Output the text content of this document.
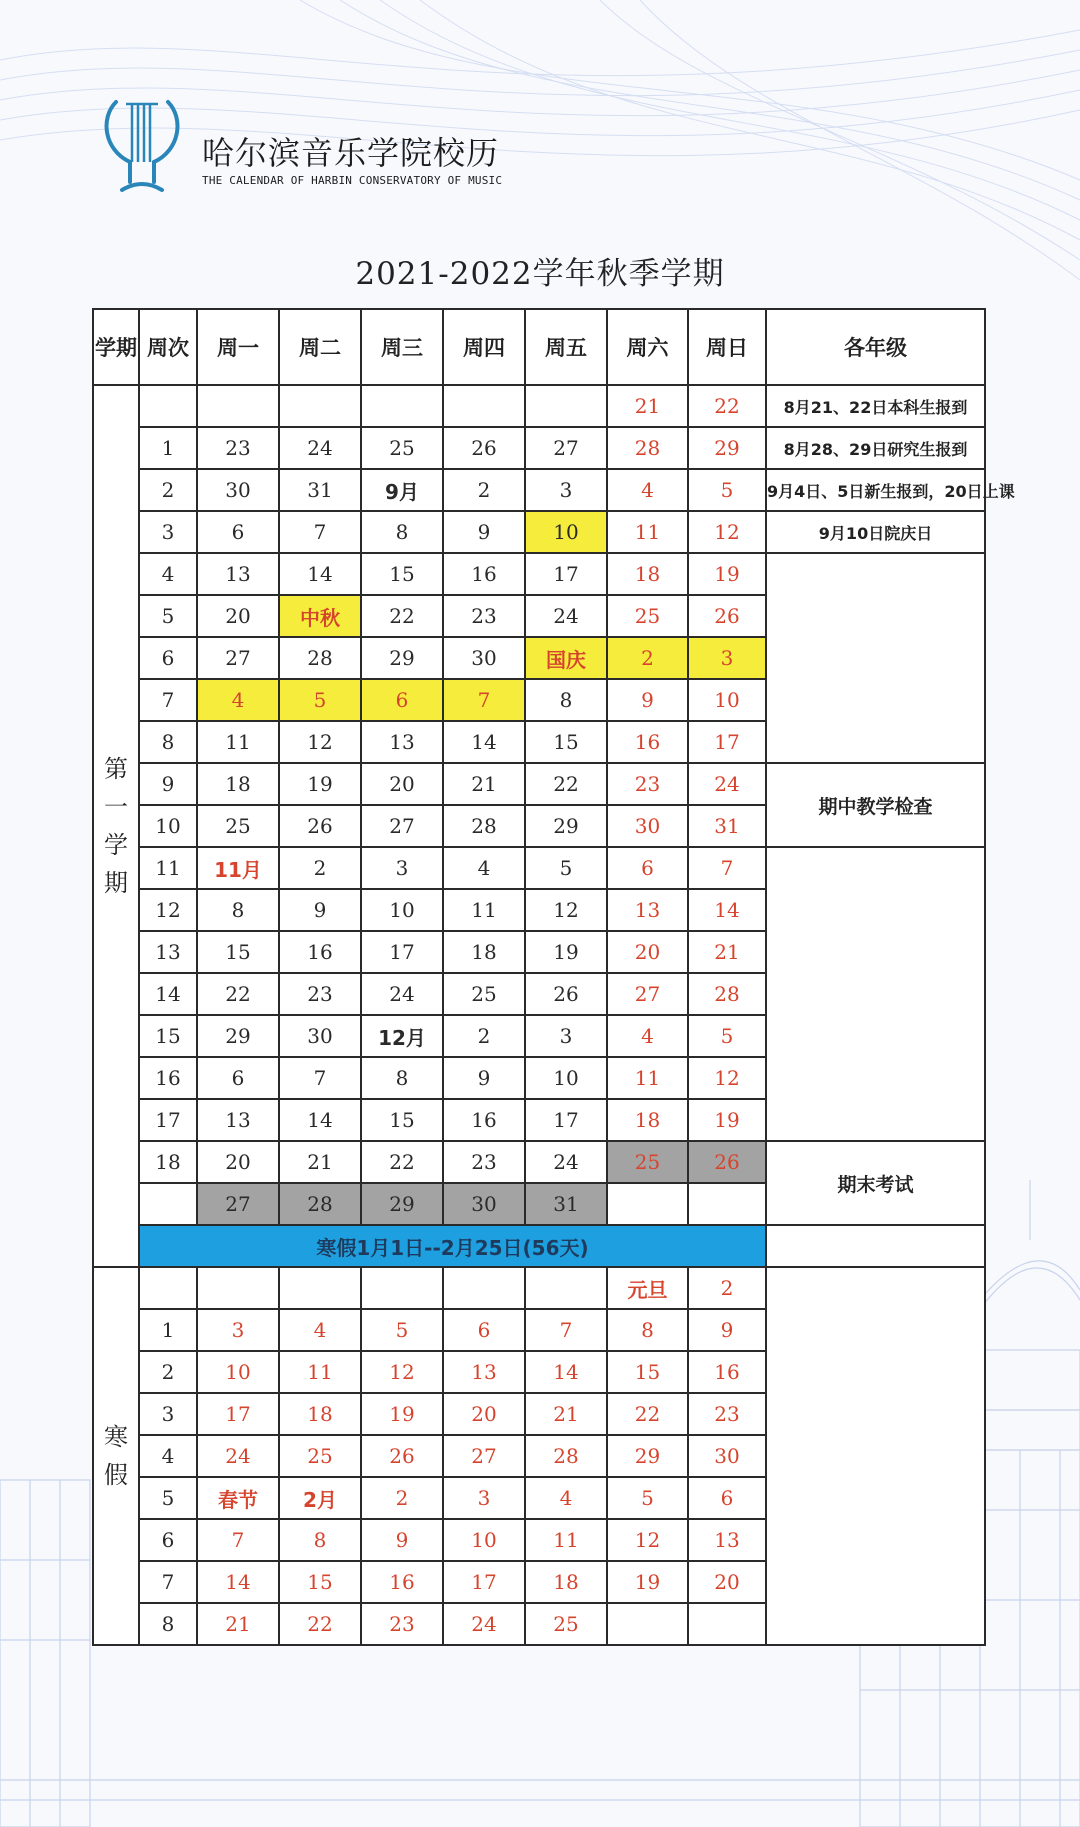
哈尔滨音乐学院校历
THE CALENDAR OF HARBIN CONSERVATORY OF MUSIC
2021-2022学年秋季学期
学期	周次	周一	周二	周三	周四	周五	周六	周日	各年级
第
一
学
期							21	22	8月21、22日本科生报到
	1	23	24	25	26	27	28	29	8月28、29日研究生报到
	2	30	31	9月	2	3	4	5	9月4日、5日新生报到，20日上课
	3	6	7	8	9	10	11	12	9月10日院庆日
	4	13	14	15	16	17	18	19	
	5	20	中秋	22	23	24	25	26	
	6	27	28	29	30	国庆	2	3	
	7	4	5	6	7	8	9	10	
	8	11	12	13	14	15	16	17	
	9	18	19	20	21	22	23	24	期中教学检查
	10	25	26	27	28	29	30	31	
	11	11月	2	3	4	5	6	7	
	12	8	9	10	11	12	13	14	
	13	15	16	17	18	19	20	21	
	14	22	23	24	25	26	27	28	
	15	29	30	12月	2	3	4	5	
	16	6	7	8	9	10	11	12	
	17	13	14	15	16	17	18	19	
	18	20	21	22	23	24	25	26	期末考试
		27	28	29	30	31			
	寒假1月1日--2月25日(56天)								
寒
假							元旦	2	
	1	3	4	5	6	7	8	9	
	2	10	11	12	13	14	15	16	
	3	17	18	19	20	21	22	23	
	4	24	25	26	27	28	29	30	
	5	春节	2月	2	3	4	5	6	
	6	7	8	9	10	11	12	13	
	7	14	15	16	17	18	19	20	
	8	21	22	23	24	25			
